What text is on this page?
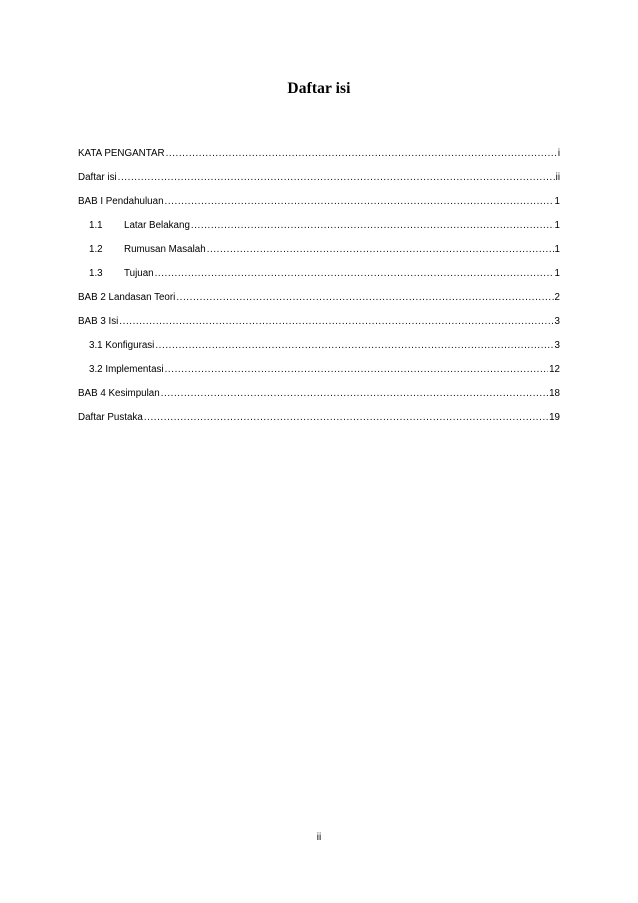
Daftar isi
KATA PENGANTAR .....	i
Daftar isi .....	ii
BAB I Pendahuluan .....	1
1.1	Latar Belakang .....	1
1.2	Rumusan Masalah .....	1
1.3	Tujuan .....	1
BAB 2 Landasan Teori .....	2
BAB 3 Isi .....	3
3.1 Konfigurasi .....	3
3.2 Implementasi .....	12
BAB 4 Kesimpulan .....	18
Daftar Pustaka .....	19
ii
